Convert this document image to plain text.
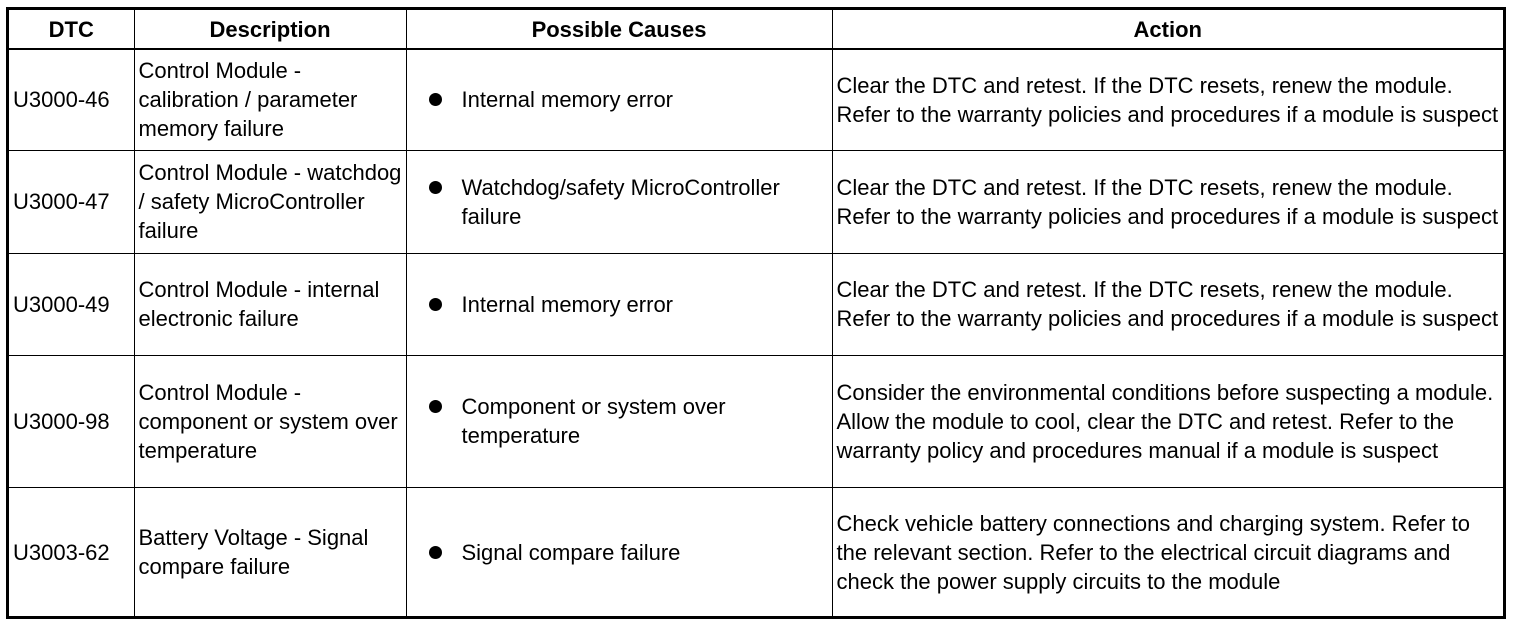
DTC	Description	Possible Causes	Action
U3000-46	Control Module - calibration / parameter memory failure	Internal memory error	Clear the DTC and retest. If the DTC resets, renew the module. Refer to the warranty policies and procedures if a module is suspect
U3000-47	Control Module - watchdog / safety MicroController failure	Watchdog/safety MicroController failure	Clear the DTC and retest. If the DTC resets, renew the module. Refer to the warranty policies and procedures if a module is suspect
U3000-49	Control Module - internal electronic failure	Internal memory error	Clear the DTC and retest. If the DTC resets, renew the module. Refer to the warranty policies and procedures if a module is suspect
U3000-98	Control Module - component or system over temperature	Component or system over temperature	Consider the environmental conditions before suspecting a module. Allow the module to cool, clear the DTC and retest. Refer to the warranty policy and procedures manual if a module is suspect
U3003-62	Battery Voltage - Signal compare failure	Signal compare failure	Check vehicle battery connections and charging system. Refer to the relevant section. Refer to the electrical circuit diagrams and check the power supply circuits to the module
